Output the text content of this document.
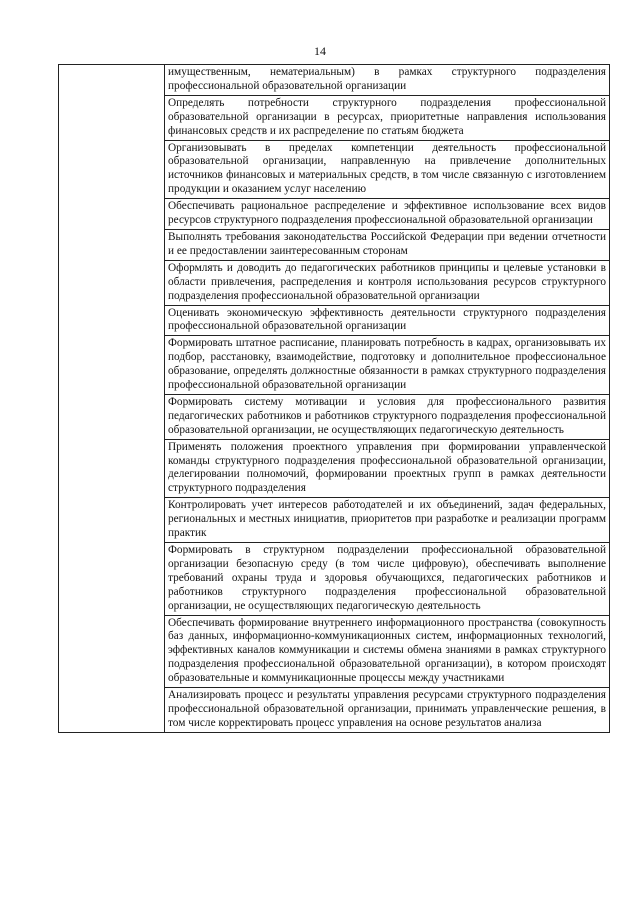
14
имущественным, нематериальным) в рамках структурного подразделения профессиональной образовательной организации
Определять потребности структурного подразделения профессиональной образовательной организации в ресурсах, приоритетные направления использования финансовых средств и их распределение по статьям бюджета
Организовывать в пределах компетенции деятельность профессиональной образовательной организации, направленную на привлечение дополнительных источников финансовых и материальных средств, в том числе связанную с изготовлением продукции и оказанием услуг населению
Обеспечивать рациональное распределение и эффективное использование всех видов ресурсов структурного подразделения профессиональной образовательной организации
Выполнять требования законодательства Российской Федерации при ведении отчетности и ее предоставлении заинтересованным сторонам
Оформлять и доводить до педагогических работников принципы и целевые установки в области привлечения, распределения и контроля использования ресурсов структурного подразделения профессиональной образовательной организации
Оценивать экономическую эффективность деятельности структурного подразделения профессиональной образовательной организации
Формировать штатное расписание, планировать потребность в кадрах, организовывать их подбор, расстановку, взаимодействие, подготовку и дополнительное профессиональное образование, определять должностные обязанности в рамках структурного подразделения профессиональной образовательной организации
Формировать систему мотивации и условия для профессионального развития педагогических работников и работников структурного подразделения профессиональной образовательной организации, не осуществляющих педагогическую деятельность
Применять положения проектного управления при формировании управленческой команды структурного подразделения профессиональной образовательной организации, делегировании полномочий, формировании проектных групп в рамках деятельности структурного подразделения
Контролировать учет интересов работодателей и их объединений, задач федеральных, региональных и местных инициатив, приоритетов при разработке и реализации программ практик
Формировать в структурном подразделении профессиональной образовательной организации безопасную среду (в том числе цифровую), обеспечивать выполнение требований охраны труда и здоровья обучающихся, педагогических работников и работников структурного подразделения профессиональной образовательной организации, не осуществляющих педагогическую деятельность
Обеспечивать формирование внутреннего информационного пространства (совокупность баз данных, информационно-коммуникационных систем, информационных технологий, эффективных каналов коммуникации и системы обмена знаниями в рамках структурного подразделения профессиональной образовательной организации), в котором происходят образовательные и коммуникационные процессы между участниками
Анализировать процесс и результаты управления ресурсами структурного подразделения профессиональной образовательной организации, принимать управленческие решения, в том числе корректировать процесс управления на основе результатов анализа
